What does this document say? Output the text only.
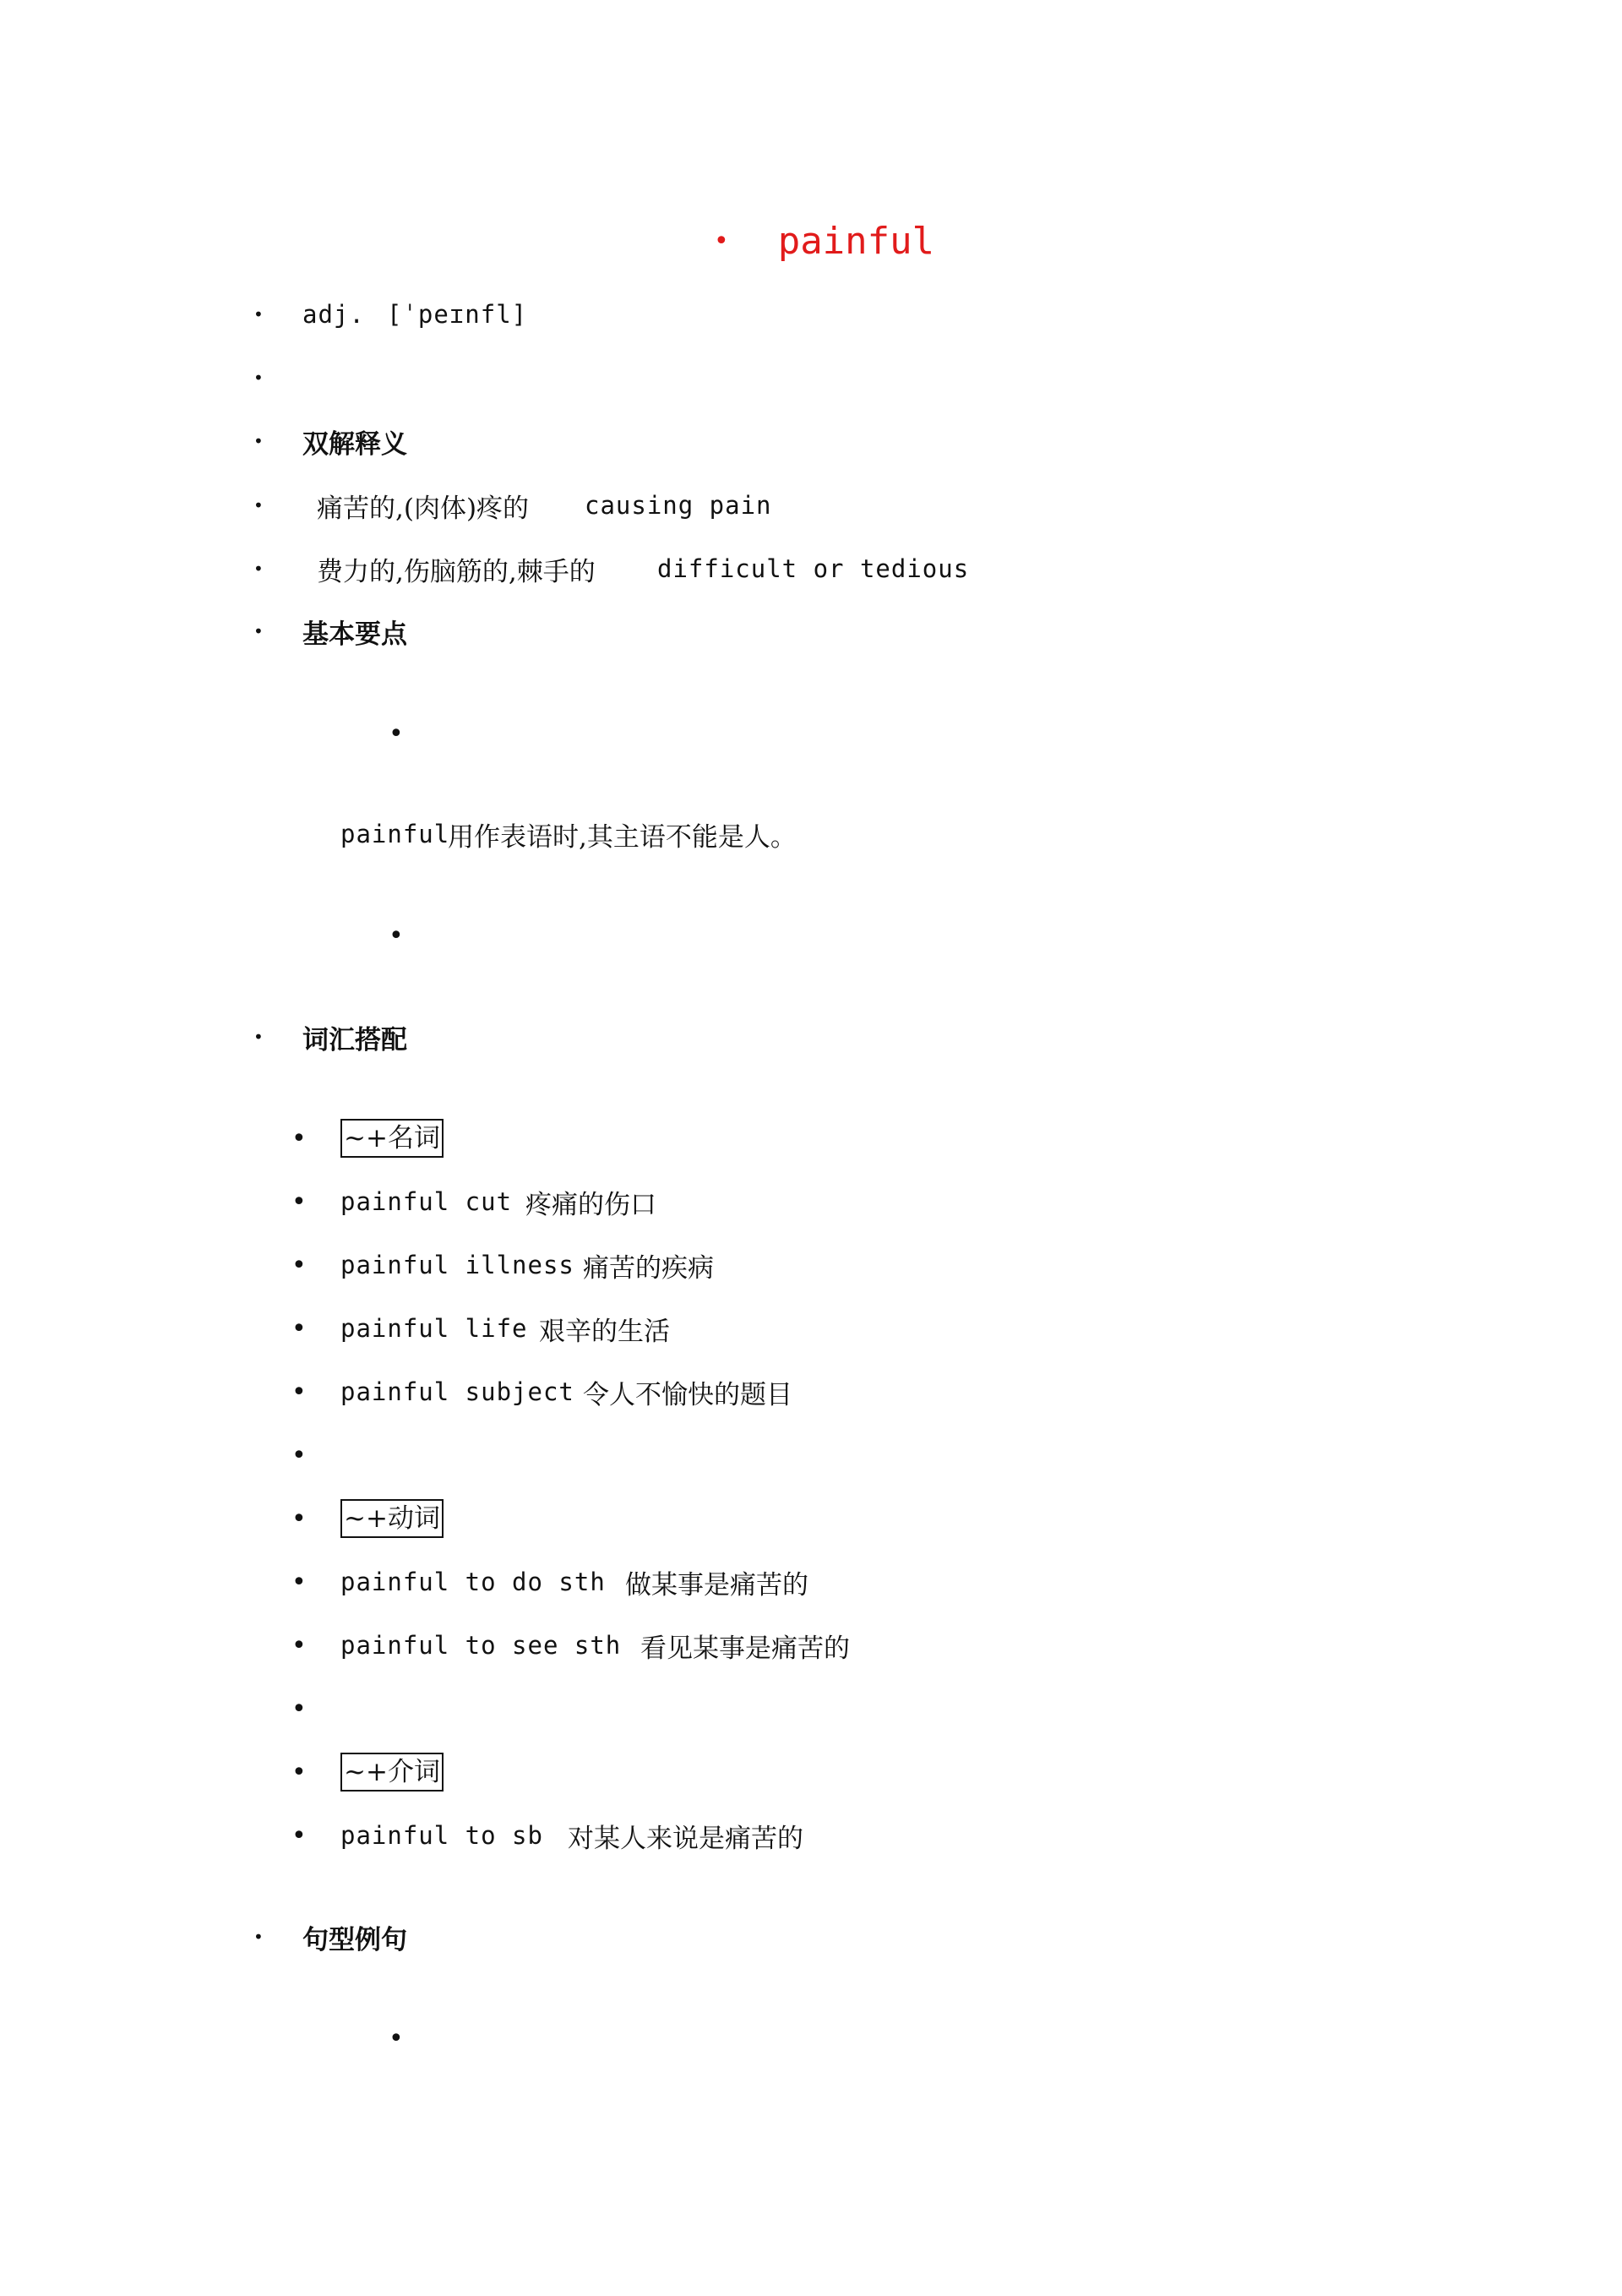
• painful
• adj. [ˈpeɪnfl]
•
• 双解释义
• 痛苦的,(肉体)疼的 causing pain
• 费力的,伤脑筋的,棘手的	difficult or tedious
• 基本要点
•
painful
用作表语时,其主语不能是人。
•
• 词汇搭配
• ~+名词
• painful cut 疼痛的伤口
• painful illness 痛苦的疾病
• painful life 艰辛的生活
• painful subject 令人不愉快的题目
•
• ~+动词
• painful to do sth 做某事是痛苦的
• painful to see sth 看见某事是痛苦的
•
• ~+介词
• painful to sb 对某人来说是痛苦的
• 句型例句
•
